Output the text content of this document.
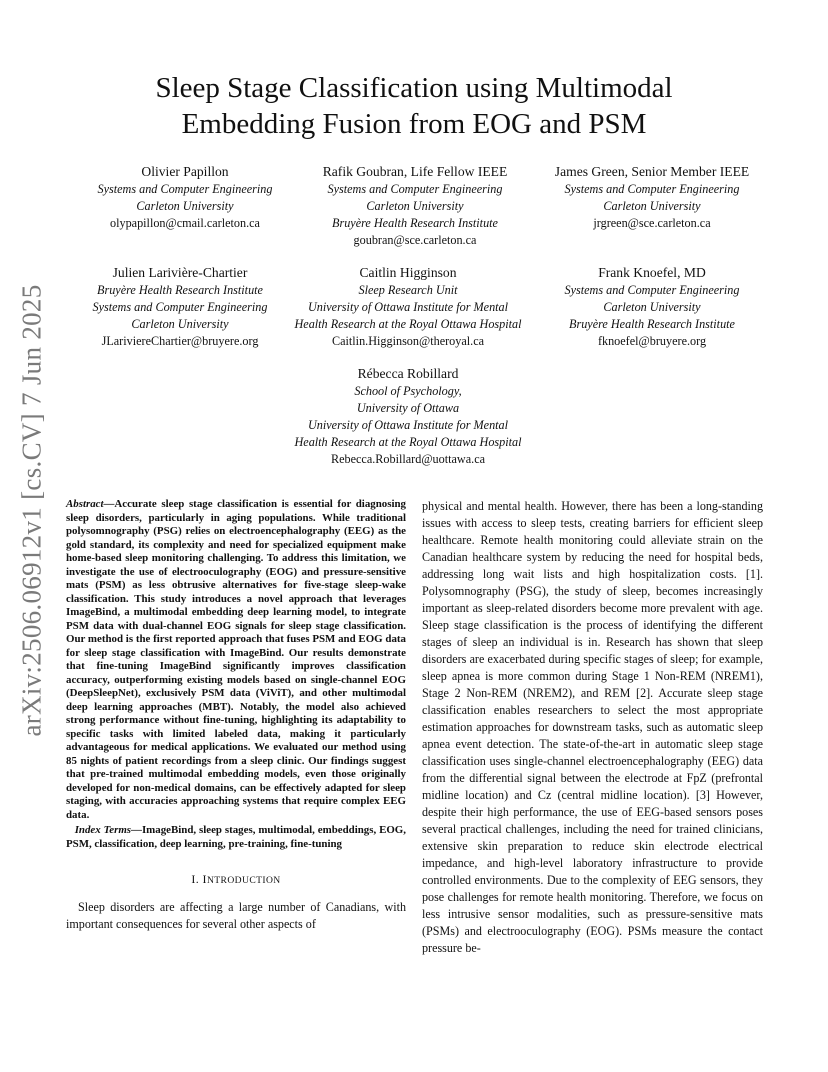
arXiv:2506.06912v1 [cs.CV] 7 Jun 2025
Sleep Stage Classification using Multimodal
Embedding Fusion from EOG and PSM
Olivier Papillon
Systems and Computer Engineering
Carleton University
olypapillon@cmail.carleton.ca
Rafik Goubran, Life Fellow IEEE
Systems and Computer Engineering
Carleton University
Bruyère Health Research Institute
goubran@sce.carleton.ca
James Green, Senior Member IEEE
Systems and Computer Engineering
Carleton University
jrgreen@sce.carleton.ca
Julien Larivière-Chartier
Bruyère Health Research Institute
Systems and Computer Engineering
Carleton University
JLariviereChartier@bruyere.org
Caitlin Higginson
Sleep Research Unit
University of Ottawa Institute for Mental
Health Research at the Royal Ottawa Hospital
Caitlin.Higginson@theroyal.ca
Frank Knoefel, MD
Systems and Computer Engineering
Carleton University
Bruyère Health Research Institute
fknoefel@bruyere.org
Rébecca Robillard
School of Psychology,
University of Ottawa
University of Ottawa Institute for Mental
Health Research at the Royal Ottawa Hospital
Rebecca.Robillard@uottawa.ca
Abstract—Accurate sleep stage classification is essential for diagnosing sleep disorders, particularly in aging populations. While traditional polysomnography (PSG) relies on electroencephalography (EEG) as the gold standard, its complexity and need for specialized equipment make home-based sleep monitoring challenging. To address this limitation, we investigate the use of electrooculography (EOG) and pressure-sensitive mats (PSM) as less obtrusive alternatives for five-stage sleep-wake classification. This study introduces a novel approach that leverages ImageBind, a multimodal embedding deep learning model, to integrate PSM data with dual-channel EOG signals for sleep stage classification. Our method is the first reported approach that fuses PSM and EOG data for sleep stage classification with ImageBind. Our results demonstrate that fine-tuning ImageBind significantly improves classification accuracy, outperforming existing models based on single-channel EOG (DeepSleepNet), exclusively PSM data (ViViT), and other multimodal deep learning approaches (MBT). Notably, the model also achieved strong performance without fine-tuning, highlighting its adaptability to specific tasks with limited labeled data, making it particularly advantageous for medical applications. We evaluated our method using 85 nights of patient recordings from a sleep clinic. Our findings suggest that pre-trained multimodal embedding models, even those originally developed for non-medical domains, can be effectively adapted for sleep staging, with accuracies approaching systems that require complex EEG data.
Index Terms—ImageBind, sleep stages, multimodal, embeddings, EOG, PSM, classification, deep learning, pre-training, fine-tuning
I. INTRODUCTION

Sleep disorders are affecting a large number of Canadians, with important consequences for several other aspects of

physical and mental health. However, there has been a long-standing issues with access to sleep tests, creating barriers for efficient sleep healthcare. Remote health monitoring could alleviate strain on the Canadian healthcare system by reducing the need for hospital beds, addressing long wait lists and high hospitalization costs. [1]. Polysomnography (PSG), the study of sleep, becomes increasingly important as sleep-related disorders become more prevalent with age. Sleep stage classification is the process of identifying the different stages of sleep an individual is in. Research has shown that sleep disorders are exacerbated during specific stages of sleep; for example, sleep apnea is more common during Stage 1 Non-REM (NREM1), Stage 2 Non-REM (NREM2), and REM [2]. Accurate sleep stage classification enables researchers to select the most appropriate estimation approaches for downstream tasks, such as automatic sleep apnea event detection. The state-of-the-art in automatic sleep stage classification uses single-channel electroencephalography (EEG) data from the differential signal between the electrode at FpZ (prefrontal midline location) and Cz (central midline location). [3] However, despite their high performance, the use of EEG-based sensors poses several practical challenges, including the need for trained clinicians, extensive skin preparation to reduce skin electrode electrical impedance, and high-level laboratory infrastructure to provide controlled environments. Due to the complexity of EEG sensors, they pose challenges for remote health monitoring. Therefore, we focus on less intrusive sensor modalities, such as pressure-sensitive mats (PSMs) and electrooculography (EOG). PSMs measure the contact pressure be-
